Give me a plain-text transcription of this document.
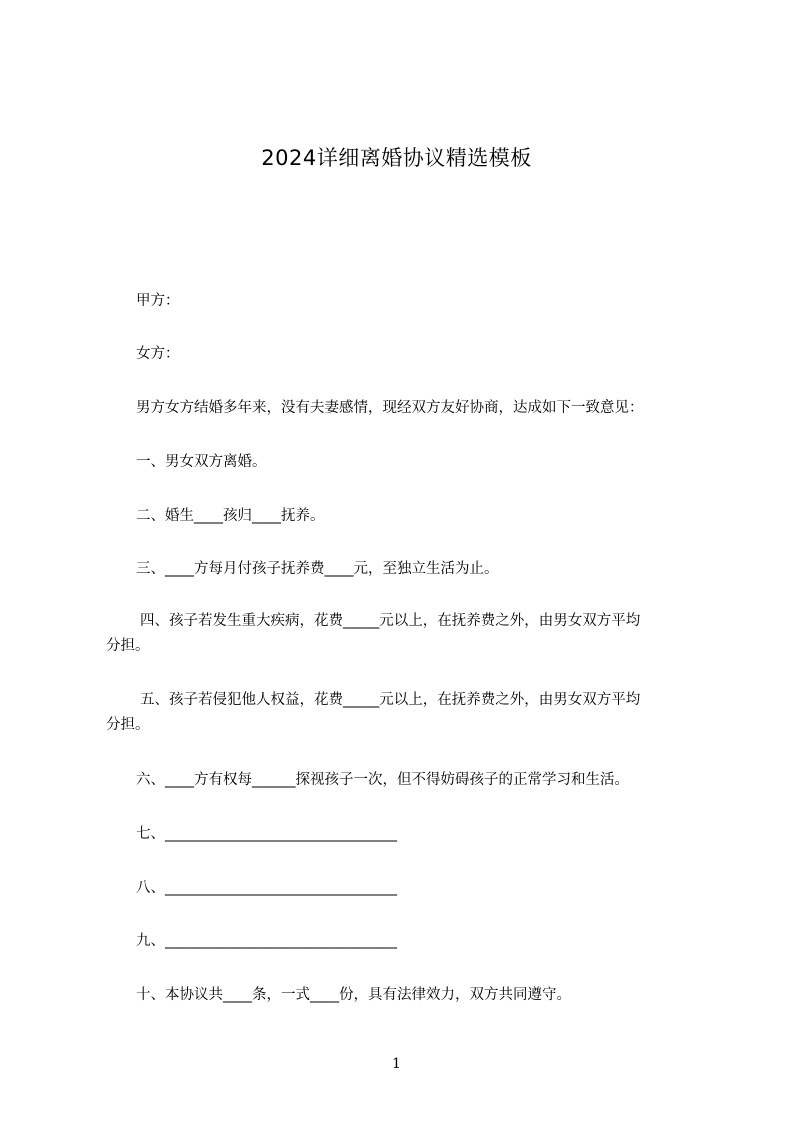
2024详细离婚协议精选模板
甲方：
女方：
男方女方结婚多年来，没有夫妻感情，现经双方友好协商，达成如下一致意见：
一、男女双方离婚。
二、婚生____孩归____抚养。
三、____方每月付孩子抚养费____元，至独立生活为止。
四、孩子若发生重大疾病，花费_____元以上，在抚养费之外，由男女双方平均
分担。
五、孩子若侵犯他人权益，花费_____元以上，在抚养费之外，由男女双方平均
分担。
六、____方有权每______探视孩子一次，但不得妨碍孩子的正常学习和生活。
七、________________________________
八、________________________________
九、________________________________
十、本协议共____条，一式____份，具有法律效力，双方共同遵守。
1
